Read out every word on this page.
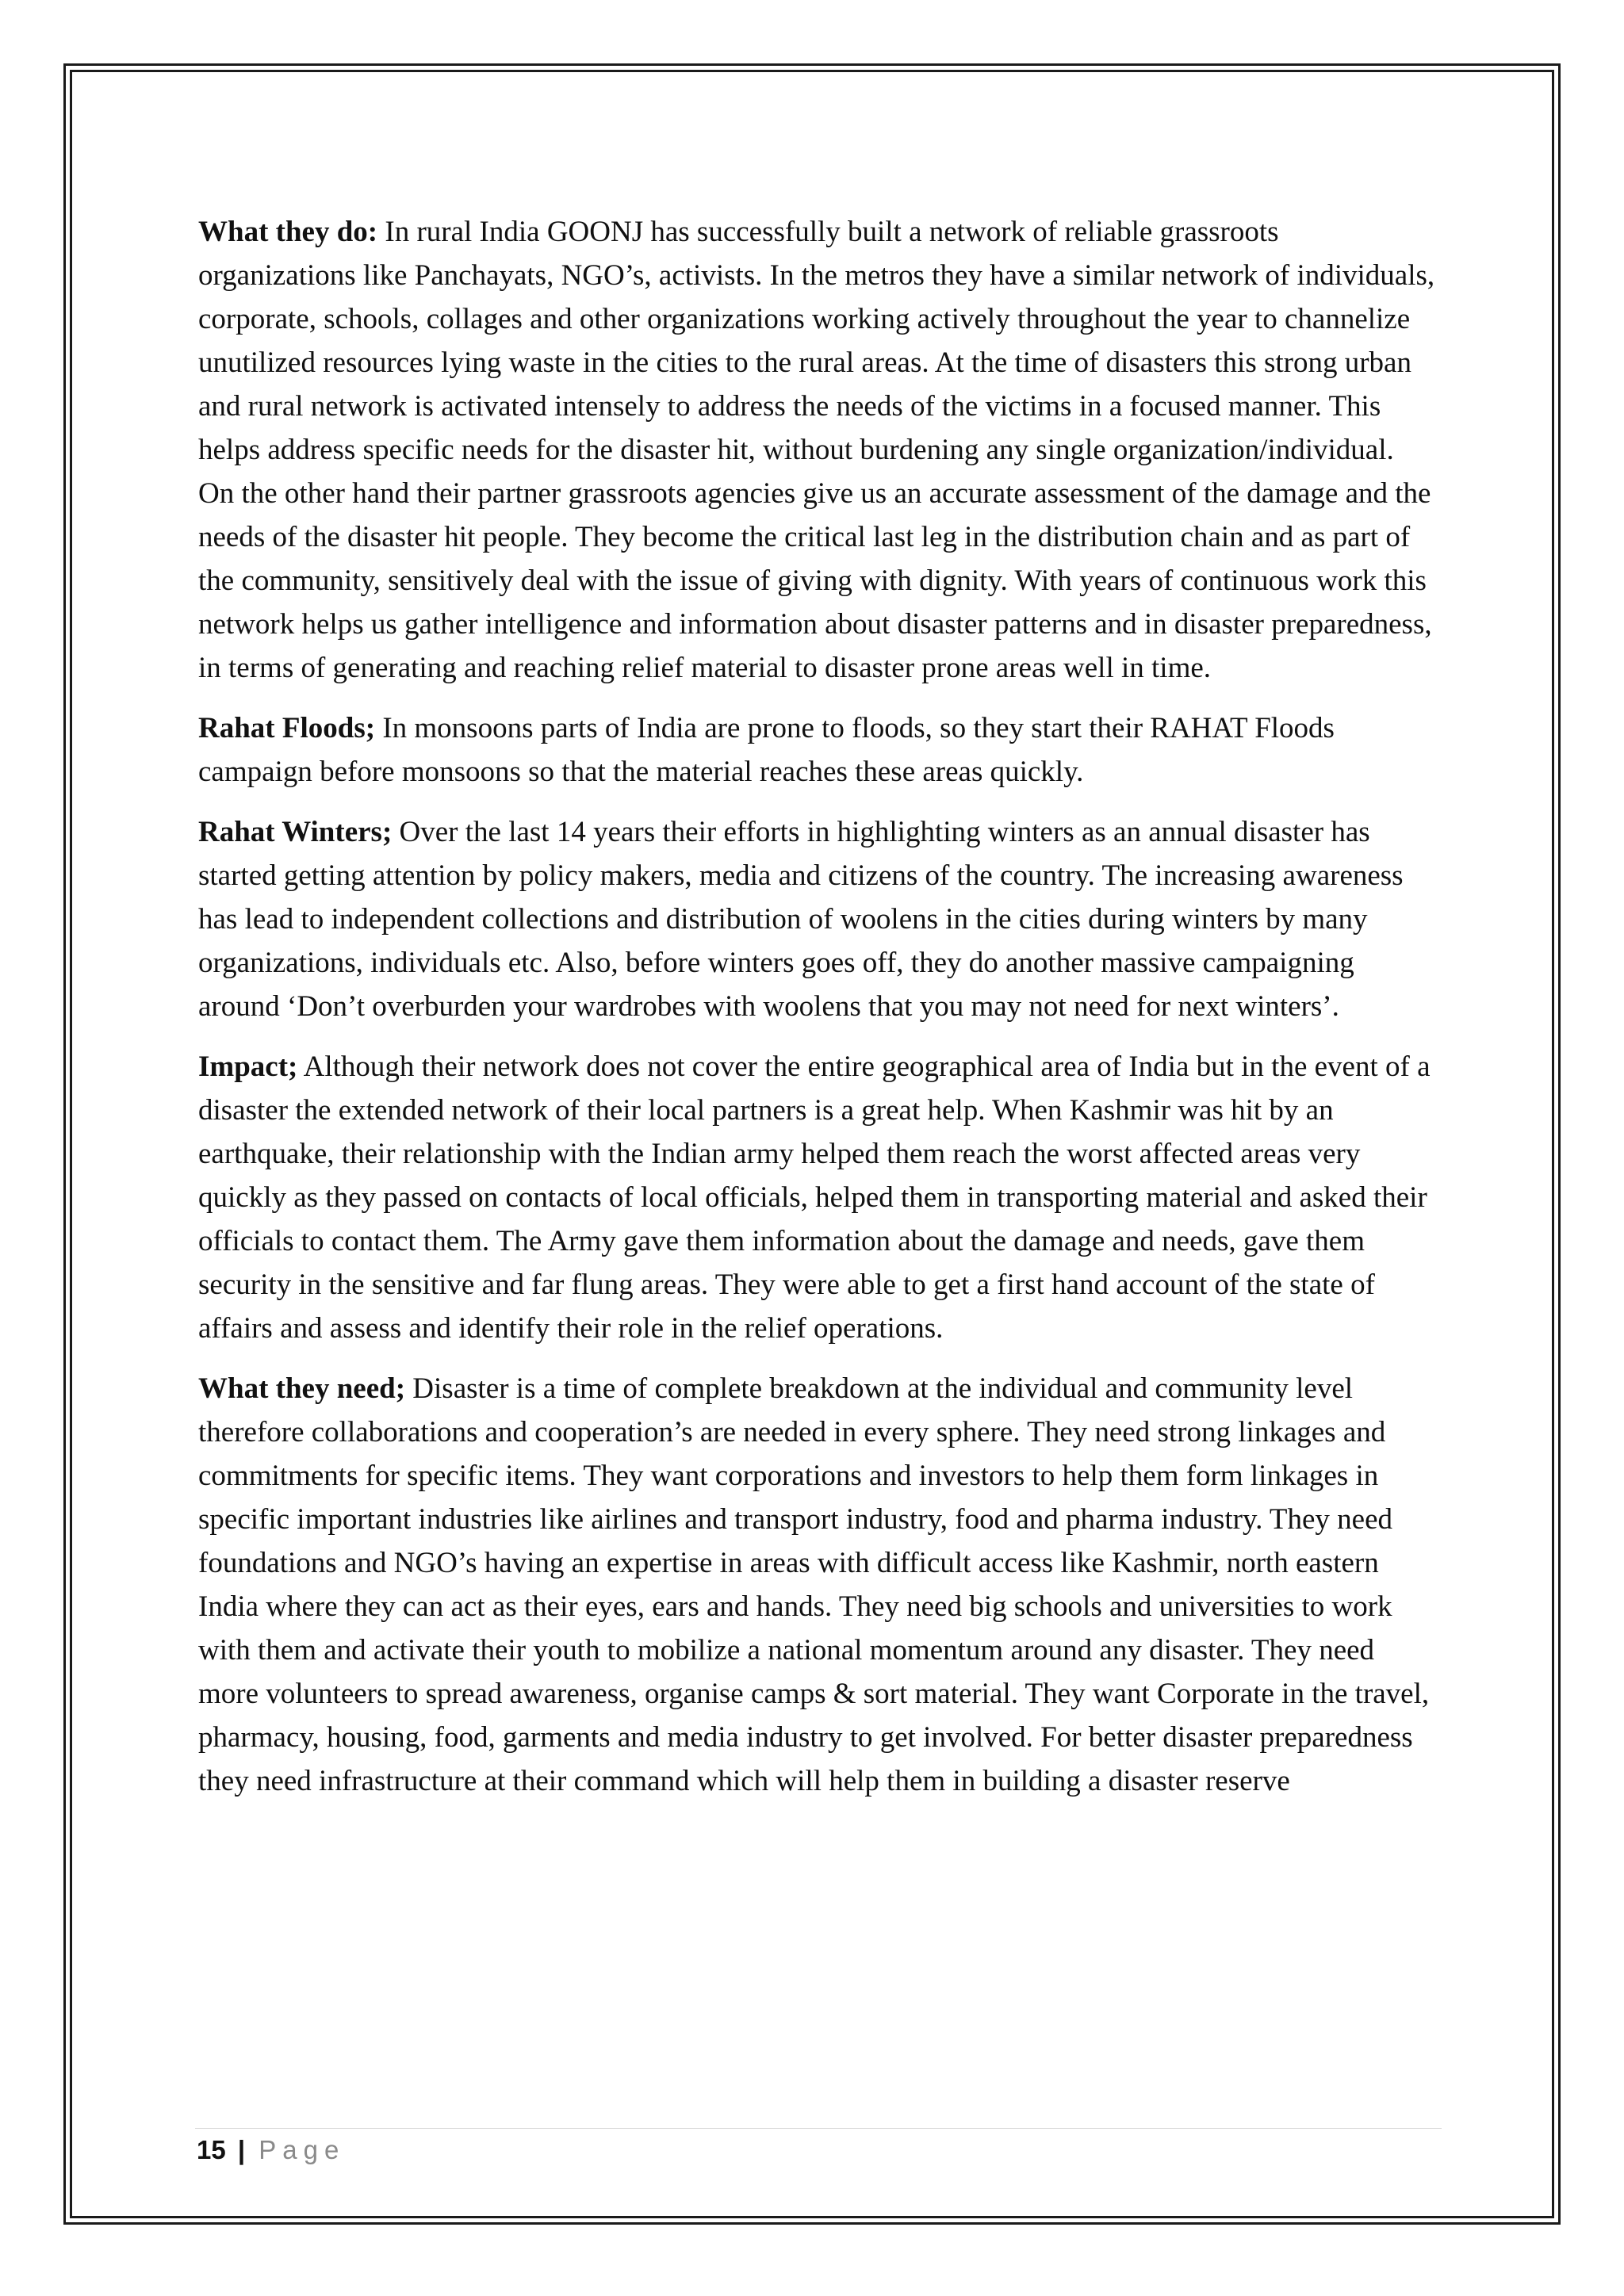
What they do: In rural India GOONJ has successfully built a network of reliable grassroots organizations like Panchayats, NGO’s, activists. In the metros they have a similar network of individuals, corporate, schools, collages and other organizations working actively throughout the year to channelize unutilized resources lying waste in the cities to the rural areas. At the time of disasters this strong urban and rural network is activated intensely to address the needs of the victims in a focused manner. This helps address specific needs for the disaster hit, without burdening any single organization/individual. On the other hand their partner grassroots agencies give us an accurate assessment of the damage and the needs of the disaster hit people. They become the critical last leg in the distribution chain and as part of the community, sensitively deal with the issue of giving with dignity. With years of continuous work this network helps us gather intelligence and information about disaster patterns and in disaster preparedness, in terms of generating and reaching relief material to disaster prone areas well in time.

Rahat Floods; In monsoons parts of India are prone to floods, so they start their RAHAT Floods campaign before monsoons so that the material reaches these areas quickly.

Rahat Winters; Over the last 14 years their efforts in highlighting winters as an annual disaster has started getting attention by policy makers, media and citizens of the country. The increasing awareness has lead to independent collections and distribution of woolens in the cities during winters by many organizations, individuals etc. Also, before winters goes off, they do another massive campaigning around ‘Don’t overburden your wardrobes with woolens that you may not need for next winters’.

Impact; Although their network does not cover the entire geographical area of India but in the event of a disaster the extended network of their local partners is a great help. When Kashmir was hit by an earthquake, their relationship with the Indian army helped them reach the worst affected areas very quickly as they passed on contacts of local officials, helped them in transporting material and asked their officials to contact them. The Army gave them information about the damage and needs, gave them security in the sensitive and far flung areas. They were able to get a first hand account of the state of affairs and assess and identify their role in the relief operations.

What they need; Disaster is a time of complete breakdown at the individual and community level therefore collaborations and cooperation’s are needed in every sphere. They need strong linkages and commitments for specific items. They want corporations and investors to help them form linkages in specific important industries like airlines and transport industry, food and pharma industry. They need foundations and NGO’s having an expertise in areas with difficult access like Kashmir, north eastern India where they can act as their eyes, ears and hands. They need big schools and universities to work with them and activate their youth to mobilize a national momentum around any disaster. They need more volunteers to spread awareness, organise camps & sort material. They want Corporate in the travel, pharmacy, housing, food, garments and media industry to get involved. For better disaster preparedness they need infrastructure at their command which will help them in building a disaster reserve

15 | Page
